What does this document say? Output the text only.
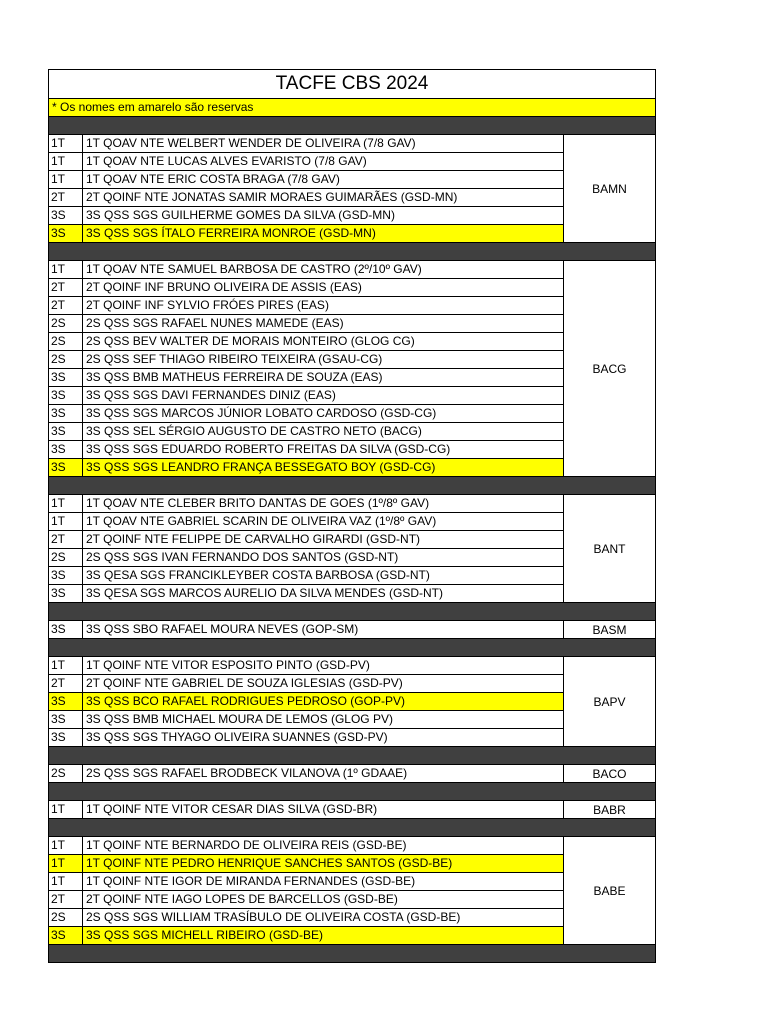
TACFE CBS 2024
* Os nomes em amarelo são reservas
1T	1T QOAV NTE WELBERT WENDER DE OLIVEIRA (7/8 GAV)
1T	1T QOAV NTE LUCAS ALVES EVARISTO (7/8 GAV)
1T	1T QOAV NTE ERIC COSTA BRAGA (7/8 GAV)
2T	2T QOINF NTE JONATAS SAMIR MORAES GUIMARÃES (GSD-MN)
3S	3S QSS SGS GUILHERME GOMES DA SILVA (GSD-MN)
3S	3S QSS SGS ÍTALO FERREIRA MONROE (GSD-MN)
BAMN
1T	1T QOAV NTE SAMUEL BARBOSA DE CASTRO (2º/10º GAV)
2T	2T QOINF INF BRUNO OLIVEIRA DE ASSIS (EAS)
2T	2T QOINF INF SYLVIO FRÓES PIRES (EAS)
2S	2S QSS SGS RAFAEL NUNES MAMEDE (EAS)
2S	2S QSS BEV WALTER DE MORAIS MONTEIRO (GLOG CG)
2S	2S QSS SEF THIAGO RIBEIRO TEIXEIRA (GSAU-CG)
3S	3S QSS BMB MATHEUS FERREIRA DE SOUZA (EAS)
3S	3S QSS SGS DAVI FERNANDES DINIZ (EAS)
3S	3S QSS SGS MARCOS JÚNIOR LOBATO CARDOSO (GSD-CG)
3S	3S QSS SEL SÉRGIO AUGUSTO DE CASTRO NETO (BACG)
3S	3S QSS SGS EDUARDO ROBERTO FREITAS DA SILVA (GSD-CG)
3S	3S QSS SGS LEANDRO FRANÇA BESSEGATO BOY (GSD-CG)
BACG
1T	1T QOAV NTE CLEBER BRITO DANTAS DE GOES (1º/8º GAV)
1T	1T QOAV NTE GABRIEL SCARIN DE OLIVEIRA VAZ (1º/8º GAV)
2T	2T QOINF NTE FELIPPE DE CARVALHO GIRARDI (GSD-NT)
2S	2S QSS SGS IVAN FERNANDO DOS SANTOS (GSD-NT)
3S	3S QESA SGS FRANCIKLEYBER COSTA BARBOSA (GSD-NT)
3S	3S QESA SGS MARCOS AURELIO DA SILVA MENDES (GSD-NT)
BANT
3S	3S QSS SBO RAFAEL MOURA NEVES (GOP-SM)	BASM
1T	1T QOINF NTE VITOR ESPOSITO PINTO (GSD-PV)
2T	2T QOINF NTE GABRIEL DE SOUZA IGLESIAS (GSD-PV)
3S	3S QSS BCO RAFAEL RODRIGUES PEDROSO (GOP-PV)
3S	3S QSS BMB MICHAEL MOURA DE LEMOS (GLOG PV)
3S	3S QSS SGS THYAGO OLIVEIRA SUANNES (GSD-PV)
BAPV
2S	2S QSS SGS RAFAEL BRODBECK VILANOVA (1º GDAAE)	BACO
1T	1T QOINF NTE VITOR CESAR DIAS SILVA (GSD-BR)	BABR
1T	1T QOINF NTE BERNARDO DE OLIVEIRA REIS (GSD-BE)
1T	1T QOINF NTE PEDRO HENRIQUE SANCHES SANTOS (GSD-BE)
1T	1T QOINF NTE IGOR DE MIRANDA FERNANDES (GSD-BE)
2T	2T QOINF NTE IAGO LOPES DE BARCELLOS (GSD-BE)
2S	2S QSS SGS WILLIAM TRASÍBULO DE OLIVEIRA COSTA (GSD-BE)
3S	3S QSS SGS MICHELL RIBEIRO (GSD-BE)
BABE
